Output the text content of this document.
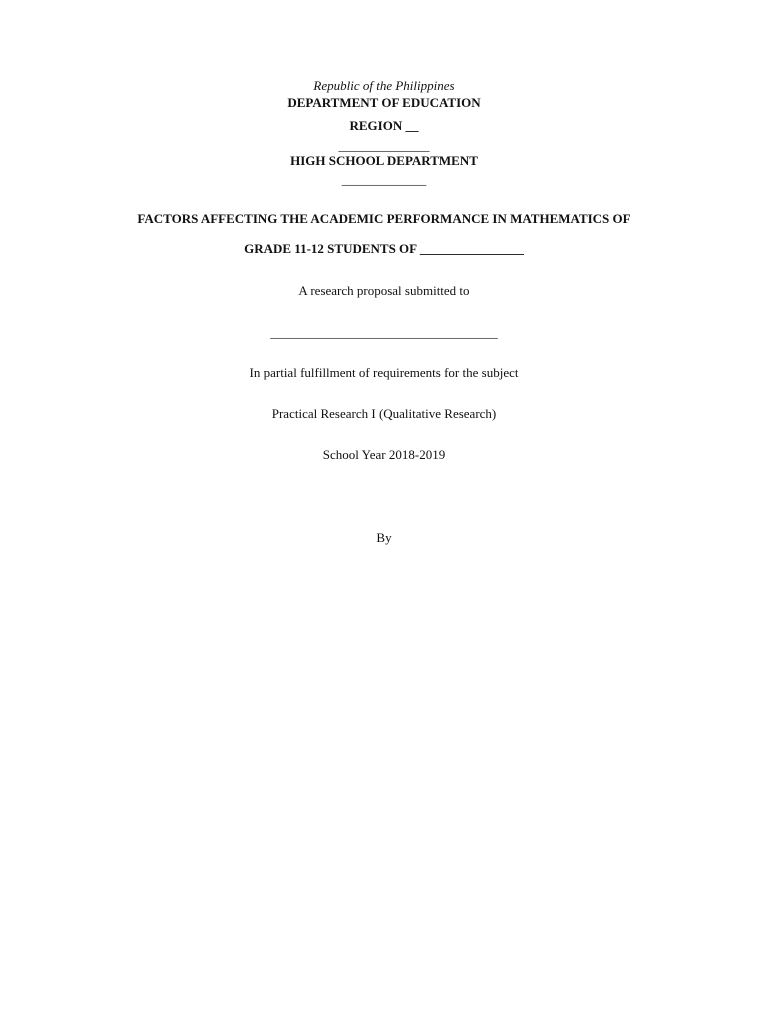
Republic of the Philippines
DEPARTMENT OF EDUCATION
REGION __
______________
HIGH SCHOOL DEPARTMENT
_____________
FACTORS AFFECTING THE ACADEMIC PERFORMANCE IN MATHEMATICS OF
GRADE 11-12 STUDENTS OF ________________
A research proposal submitted to
___________________________________
In partial fulfillment of requirements for the subject
Practical Research I (Qualitative Research)
School Year 2018-2019
By
